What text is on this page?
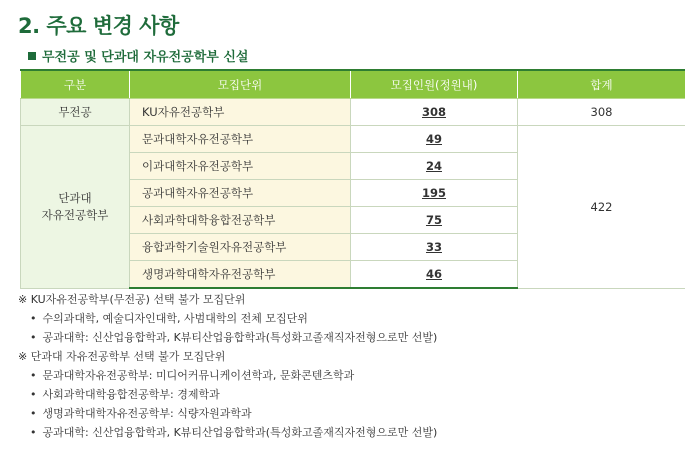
2. 주요 변경 사항
무전공 및 단과대 자유전공학부 신설
구분	모집단위	모집인원(정원내)	합계
무전공	KU자유전공학부	308	308

단과대
자유전공학부	문과대학자유전공학부	49	422
	이과대학자유전공학부	24	
	공과대학자유전공학부	195	
	사회과학대학융합전공학부	75	
	융합과학기술원자유전공학부	33	
	생명과학대학자유전공학부	46	
※ KU자유전공학부(무전공) 선택 불가 모집단위
• 수의과대학, 예술디자인대학, 사범대학의 전체 모집단위
• 공과대학: 신산업융합학과, K뷰티산업융합학과(특성화고졸재직자전형으로만 선발)
※ 단과대 자유전공학부 선택 불가 모집단위
• 문과대학자유전공학부: 미디어커뮤니케이션학과, 문화콘텐츠학과
• 사회과학대학융합전공학부: 경제학과
• 생명과학대학자유전공학부: 식량자원과학과
• 공과대학: 신산업융합학과, K뷰티산업융합학과(특성화고졸재직자전형으로만 선발)
